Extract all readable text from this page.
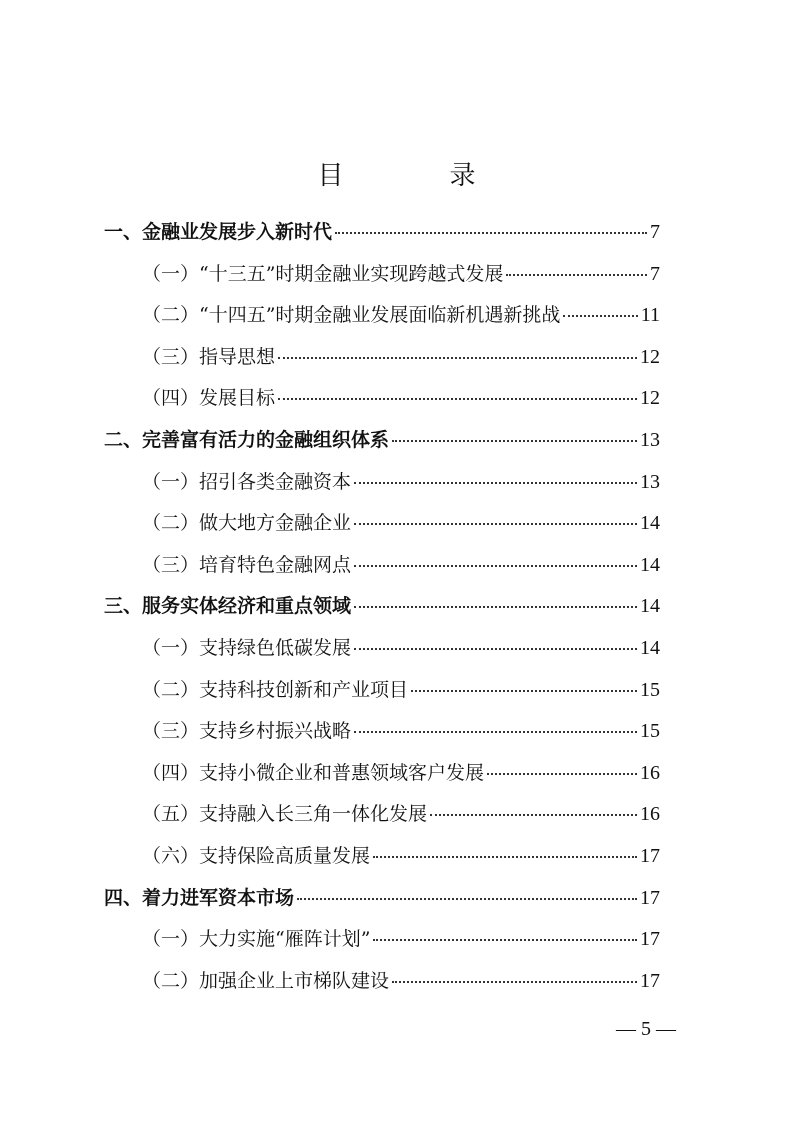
目　录
一、金融业发展步入新时代	7
（一）“十三五”时期金融业实现跨越式发展	7
（二）“十四五”时期金融业发展面临新机遇新挑战	11
（三）指导思想	12
（四）发展目标	12
二、完善富有活力的金融组织体系	13
（一）招引各类金融资本	13
（二）做大地方金融企业	14
（三）培育特色金融网点	14
三、服务实体经济和重点领域	14
（一）支持绿色低碳发展	14
（二）支持科技创新和产业项目	15
（三）支持乡村振兴战略	15
（四）支持小微企业和普惠领域客户发展	16
（五）支持融入长三角一体化发展	16
（六）支持保险高质量发展	17
四、着力进军资本市场	17
（一）大力实施“雁阵计划”	17
（二）加强企业上市梯队建设	17
— 5 —
